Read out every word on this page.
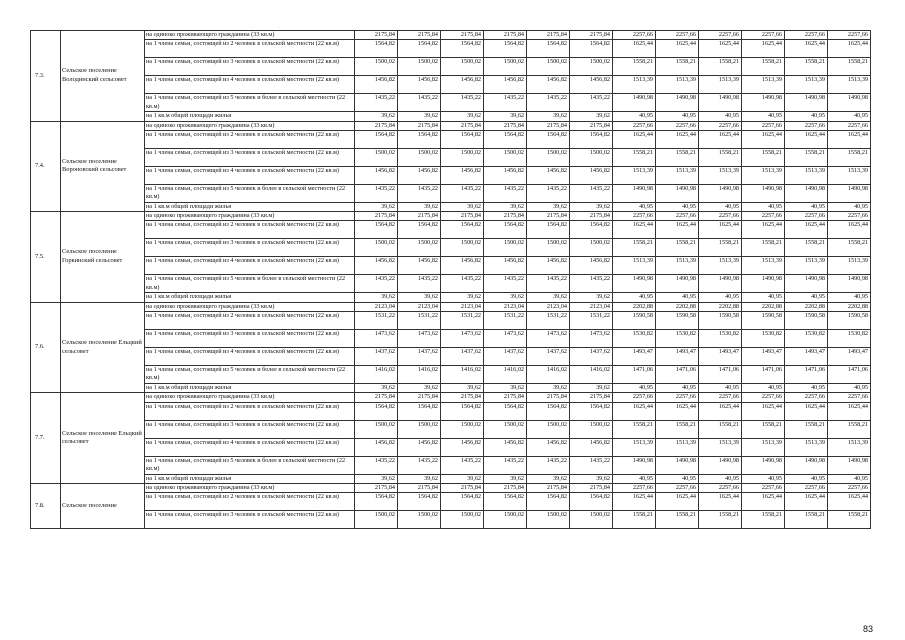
7.3.	Сельское поселение Володинский сельсовет	на одиноко проживающего гражданина (33 кв.м)	2175,84	2175,84	2175,84	2175,84	2175,84	2175,84	2257,66	2257,66	2257,66	2257,66	2257,66	2257,66
		на 1 члена семьи, состоящей из 2 человек в сельской местности (22 кв.м)	1564,82	1564,82	1564,82	1564,82	1564,82	1564,82	1625,44	1625,44	1625,44	1625,44	1625,44	1625,44
		на 1 члена семьи, состоящей из 3 человек в сельской местности (22 кв.м)	1500,02	1500,02	1500,02	1500,02	1500,02	1500,02	1558,21	1558,21	1558,21	1558,21	1558,21	1558,21
		на 1 члена семьи, состоящей из 4 человек в сельской местности (22 кв.м)	1456,82	1456,82	1456,82	1456,82	1456,82	1456,82	1513,39	1513,39	1513,39	1513,39	1513,39	1513,39
		на 1 члена семьи, состоящей из 5 человек и более в сельской местности (22 кв.м)	1435,22	1435,22	1435,22	1435,22	1435,22	1435,22	1490,98	1490,98	1490,98	1490,98	1490,98	1490,98
		на 1 кв.м общей площади жилья	39,62	39,62	39,62	39,62	39,62	39,62	40,95	40,95	40,95	40,95	40,95	40,95
7.4.	Сельское поселение Вороновский сельсовет	на одиноко проживающего гражданина (33 кв.м)	2175,84	2175,84	2175,84	2175,84	2175,84	2175,84	2257,66	2257,66	2257,66	2257,66	2257,66	2257,66
		на 1 члена семьи, состоящей из 2 человек в сельской местности (22 кв.м)	1564,82	1564,82	1564,82	1564,82	1564,82	1564,82	1625,44	1625,44	1625,44	1625,44	1625,44	1625,44
		на 1 члена семьи, состоящей из 3 человек в сельской местности (22 кв.м)	1500,02	1500,02	1500,02	1500,02	1500,02	1500,02	1558,21	1558,21	1558,21	1558,21	1558,21	1558,21
		на 1 члена семьи, состоящей из 4 человек в сельской местности (22 кв.м)	1456,82	1456,82	1456,82	1456,82	1456,82	1456,82	1513,39	1513,39	1513,39	1513,39	1513,39	1513,39
		на 1 члена семьи, состоящей из 5 человек и более в сельской местности (22 кв.м)	1435,22	1435,22	1435,22	1435,22	1435,22	1435,22	1490,98	1490,98	1490,98	1490,98	1490,98	1490,98
		на 1 кв.м общей площади жилья	39,62	39,62	39,62	39,62	39,62	39,62	40,95	40,95	40,95	40,95	40,95	40,95
7.5.	Сельское поселение Горкинский сельсовет	на одиноко проживающего гражданина (33 кв.м)	2175,84	2175,84	2175,84	2175,84	2175,84	2175,84	2257,66	2257,66	2257,66	2257,66	2257,66	2257,66
		на 1 члена семьи, состоящей из 2 человек в сельской местности (22 кв.м)	1564,82	1564,82	1564,82	1564,82	1564,82	1564,82	1625,44	1625,44	1625,44	1625,44	1625,44	1625,44
		на 1 члена семьи, состоящей из 3 человек в сельской местности (22 кв.м)	1500,02	1500,02	1500,02	1500,02	1500,02	1500,02	1558,21	1558,21	1558,21	1558,21	1558,21	1558,21
		на 1 члена семьи, состоящей из 4 человек в сельской местности (22 кв.м)	1456,82	1456,82	1456,82	1456,82	1456,82	1456,82	1513,39	1513,39	1513,39	1513,39	1513,39	1513,39
		на 1 члена семьи, состоящей из 5 человек и более в сельской местности (22 кв.м)	1435,22	1435,22	1435,22	1435,22	1435,22	1435,22	1490,98	1490,98	1490,98	1490,98	1490,98	1490,98
		на 1 кв.м общей площади жилья	39,62	39,62	39,62	39,62	39,62	39,62	40,95	40,95	40,95	40,95	40,95	40,95
7.6.	Сельское поселение Ельцкий сельсовет	на одиноко проживающего гражданина (33 кв.м)	2123,04	2123,04	2123,04	2123,04	2123,04	2123,04	2202,88	2202,88	2202,88	2202,88	2202,88	2202,88
		на 1 члена семьи, состоящей из 2 человек в сельской местности (22 кв.м)	1531,22	1531,22	1531,22	1531,22	1531,22	1531,22	1590,58	1590,58	1590,58	1590,58	1590,58	1590,58
		на 1 члена семьи, состоящей из 3 человек в сельской местности (22 кв.м)	1473,62	1473,62	1473,62	1473,62	1473,62	1473,62	1530,82	1530,82	1530,82	1530,82	1530,82	1530,82
		на 1 члена семьи, состоящей из 4 человек в сельской местности (22 кв.м)	1437,62	1437,62	1437,62	1437,62	1437,62	1437,62	1493,47	1493,47	1493,47	1493,47	1493,47	1493,47
		на 1 члена семьи, состоящей из 5 человек и более в сельской местности (22 кв.м)	1416,02	1416,02	1416,02	1416,02	1416,02	1416,02	1471,06	1471,06	1471,06	1471,06	1471,06	1471,06
		на 1 кв.м общей площади жилья	39,62	39,62	39,62	39,62	39,62	39,62	40,95	40,95	40,95	40,95	40,95	40,95
7.7.	Сельское поселение Ельцкий сельсовет	на одиноко проживающего гражданина (33 кв.м)	2175,84	2175,84	2175,84	2175,84	2175,84	2175,84	2257,66	2257,66	2257,66	2257,66	2257,66	2257,66
		на 1 члена семьи, состоящей из 2 человек в сельской местности (22 кв.м)	1564,82	1564,82	1564,82	1564,82	1564,82	1564,82	1625,44	1625,44	1625,44	1625,44	1625,44	1625,44
		на 1 члена семьи, состоящей из 3 человек в сельской местности (22 кв.м)	1500,02	1500,02	1500,02	1500,02	1500,02	1500,02	1558,21	1558,21	1558,21	1558,21	1558,21	1558,21
		на 1 члена семьи, состоящей из 4 человек в сельской местности (22 кв.м)	1456,82	1456,82	1456,82	1456,82	1456,82	1456,82	1513,39	1513,39	1513,39	1513,39	1513,39	1513,39
		на 1 члена семьи, состоящей из 5 человек и более в сельской местности (22 кв.м)	1435,22	1435,22	1435,22	1435,22	1435,22	1435,22	1490,98	1490,98	1490,98	1490,98	1490,98	1490,98
		на 1 кв.м общей площади жилья	39,62	39,62	39,62	39,62	39,62	39,62	40,95	40,95	40,95	40,95	40,95	40,95
7.8.	Сельское поселение	на одиноко проживающего гражданина (33 кв.м)	2175,84	2175,84	2175,84	2175,84	2175,84	2175,84	2257,66	2257,66	2257,66	2257,66	2257,66	2257,66
		на 1 члена семьи, состоящей из 2 человек в сельской местности (22 кв.м)	1564,82	1564,82	1564,82	1564,82	1564,82	1564,82	1625,44	1625,44	1625,44	1625,44	1625,44	1625,44
		на 1 члена семьи, состоящей из 3 человек в сельской местности (22 кв.м)	1500,02	1500,02	1500,02	1500,02	1500,02	1500,02	1558,21	1558,21	1558,21	1558,21	1558,21	1558,21
83
